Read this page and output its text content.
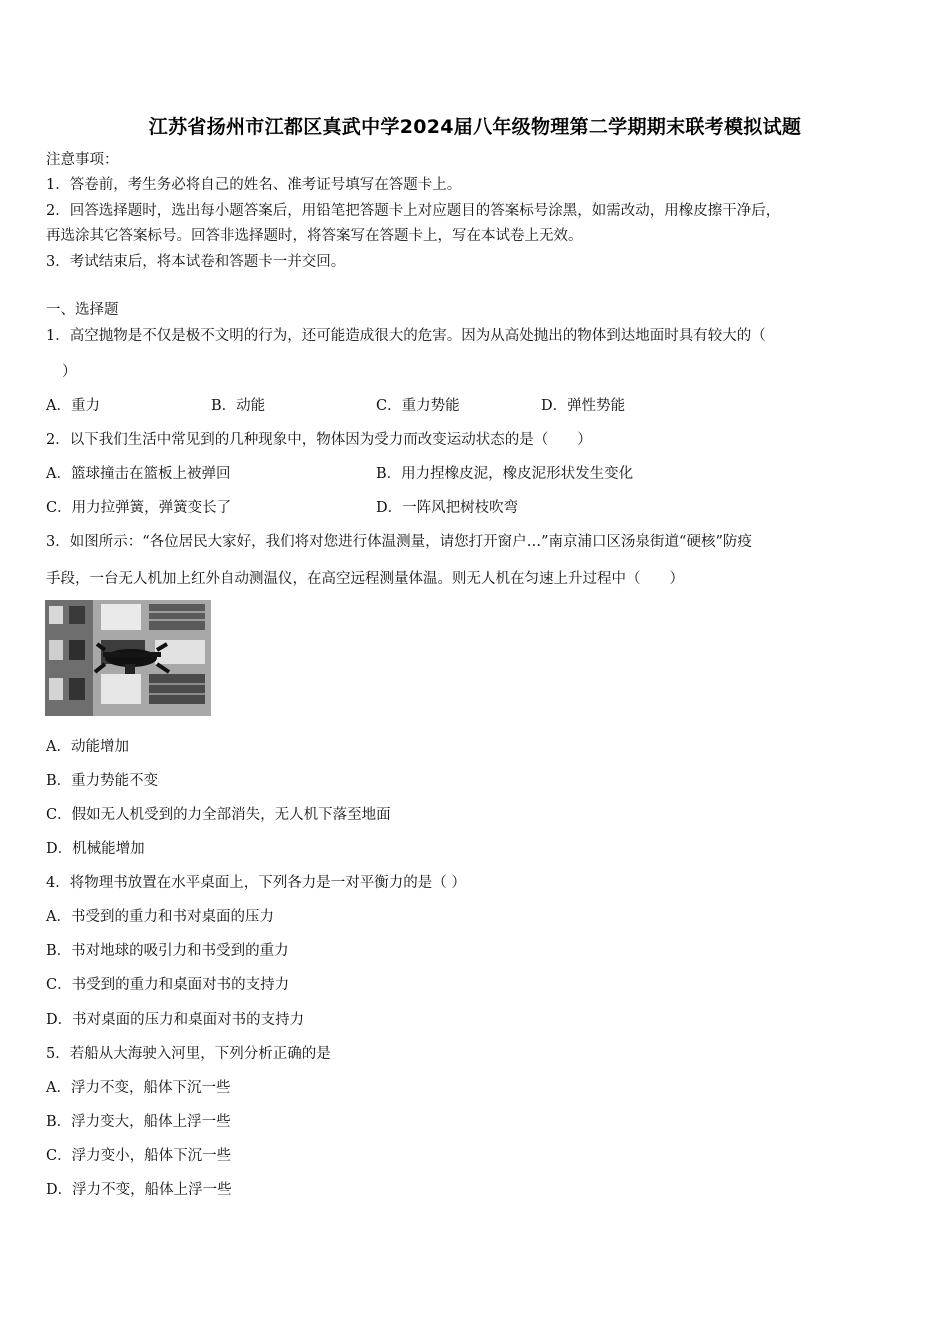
江苏省扬州市江都区真武中学2024届八年级物理第二学期期末联考模拟试题
注意事项：
1．答卷前，考生务必将自己的姓名、准考证号填写在答题卡上。
2．回答选择题时，选出每小题答案后，用铅笔把答题卡上对应题目的答案标号涂黑，如需改动，用橡皮擦干净后，
再选涂其它答案标号。回答非选择题时，将答案写在答题卡上，写在本试卷上无效。
3．考试结束后，将本试卷和答题卡一并交回。
一、选择题
1．高空抛物是不仅是极不文明的行为，还可能造成很大的危害。因为从高处抛出的物体到达地面时具有较大的（
）
A．重力	B．动能	C．重力势能	D．弹性势能
2．以下我们生活中常见到的几种现象中，物体因为受力而改变运动状态的是（　　）
A．篮球撞击在篮板上被弹回	B．用力捏橡皮泥，橡皮泥形状发生变化
C．用力拉弹簧，弹簧变长了	D．一阵风把树枝吹弯
3．如图所示：“各位居民大家好，我们将对您进行体温测量，请您打开窗户…”南京浦口区汤泉街道“硬核”防疫
手段，一台无人机加上红外自动测温仪，在高空远程测量体温。则无人机在匀速上升过程中（　　）
A．动能增加
B．重力势能不变
C．假如无人机受到的力全部消失，无人机下落至地面
D．机械能增加
4．将物理书放置在水平桌面上，下列各力是一对平衡力的是（ ）
A．书受到的重力和书对桌面的压力
B．书对地球的吸引力和书受到的重力
C．书受到的重力和桌面对书的支持力
D．书对桌面的压力和桌面对书的支持力
5．若船从大海驶入河里，下列分析正确的是
A．浮力不变，船体下沉一些
B．浮力变大，船体上浮一些
C．浮力变小，船体下沉一些
D．浮力不变，船体上浮一些
